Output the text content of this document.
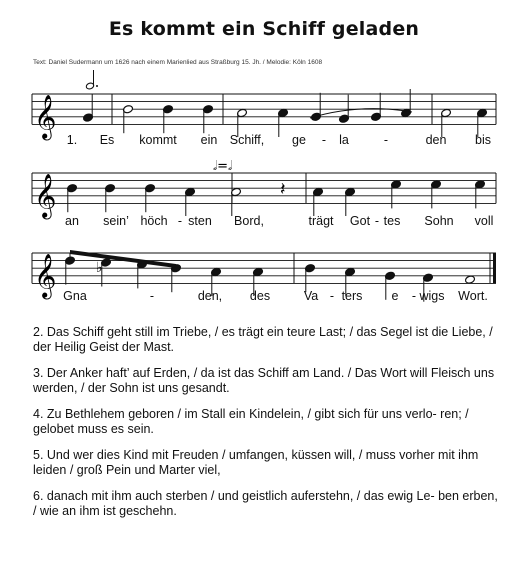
Es kommt ein Schiff geladen
Text: Daniel Sudermann um 1626 nach einem Marienlied aus Straßburg 15. Jh. / Melodie: Köln 1608
𝄞
𝄞	𝄽
𝄞	♭
𝅗𝅥=𝅗𝅥
1. Es kommt ein Schiff, ge - la	-	den bis
an sein’ höch - sten Bord,	trägt Got - tes Sohn voll
Gna	-	den, des	Va - ters e - wigs Wort.

2. Das Schiff geht still im Triebe, / es trägt ein teure Last; / das Segel ist die Liebe, / der Heilig Geist der Mast.

3. Der Anker haft’ auf Erden, / da ist das Schiff am Land. / Das Wort will Fleisch uns werden, / der Sohn ist uns gesandt.

4. Zu Bethlehem geboren / im Stall ein Kindelein, / gibt sich für uns verlo- ren; / gelobet muss es sein.

5. Und wer dies Kind mit Freuden / umfangen, küssen will, / muss vorher mit ihm leiden / groß Pein und Marter viel,

6. danach mit ihm auch sterben / und geistlich auferstehn, / das ewig Le- ben erben, / wie an ihm ist geschehn.
